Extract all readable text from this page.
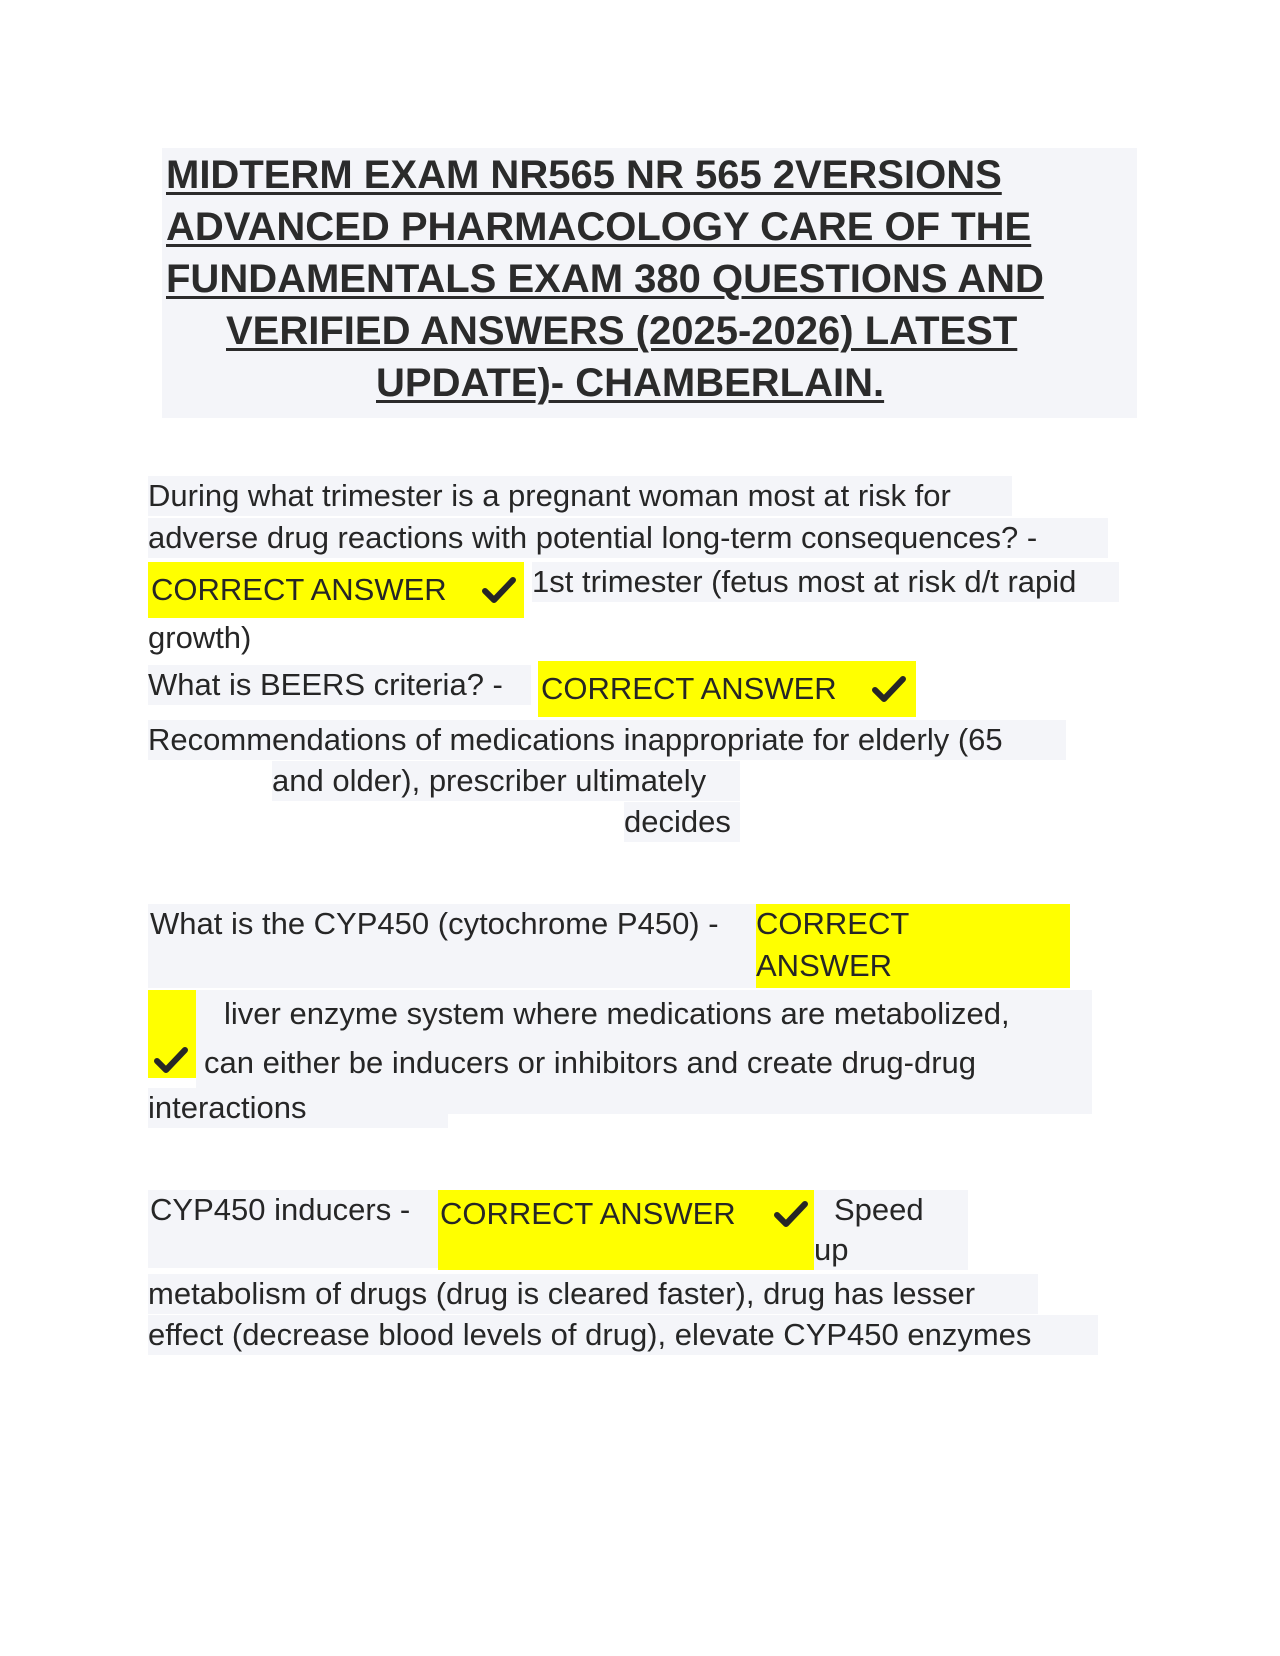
MIDTERM EXAM NR565 NR 565 2VERSIONS
ADVANCED PHARMACOLOGY CARE OF THE
FUNDAMENTALS EXAM 380 QUESTIONS AND
VERIFIED ANSWERS (2025-2026) LATEST
UPDATE)- CHAMBERLAIN.
During what trimester is a pregnant woman most at risk for
adverse drug reactions with potential long-term consequences? -
CORRECT ANSWER	1st trimester (fetus most at risk d/t rapid
growth)
What is BEERS criteria? -	CORRECT ANSWER
Recommendations of medications inappropriate for elderly (65
and older), prescriber ultimately
decides
What is the CYP450 (cytochrome P450) - CORRECT
ANSWER
liver enzyme system where medications are metabolized,
can either be inducers or inhibitors and create drug-drug
interactions
CYP450 inducers - CORRECT ANSWER	Speed
up
metabolism of drugs (drug is cleared faster), drug has lesser
effect (decrease blood levels of drug), elevate CYP450 enzymes
